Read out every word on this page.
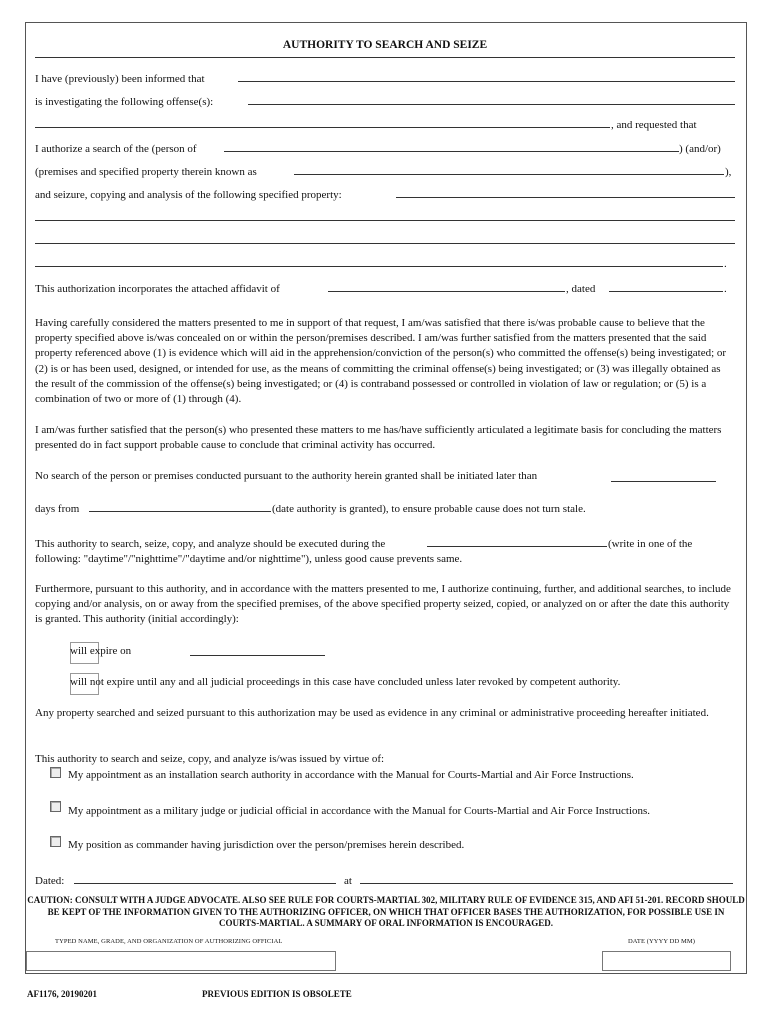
AUTHORITY TO SEARCH AND SEIZE
I have (previously) been informed that
is investigating the following offense(s):
, and requested that
I authorize a search of the (person of	) (and/or)
(premises and specified property therein known as	),
and seizure, copying and analysis of the following specified property:
.
This authorization incorporates the attached affidavit of	, dated	.
Having carefully considered the matters presented to me in support of that request, I am/was satisfied that there is/was probable cause to believe that the property specified above is/was concealed on or within the person/premises described. I am/was further satisfied from the matters presented that the said property referenced above (1) is evidence which will aid in the apprehension/conviction of the person(s) who committed the offense(s) being investigated; or (2) is or has been used, designed, or intended for use, as the means of committing the criminal offense(s) being investigated; or (3) was illegally obtained as the result of the commission of the offense(s) being investigated; or (4) is contraband possessed or controlled in violation of law or regulation; or (5) is a combination of two or more of (1) through (4).
I am/was further satisfied that the person(s) who presented these matters to me has/have sufficiently articulated a legitimate basis for concluding the matters presented do in fact support probable cause to conclude that criminal activity has occurred.
No search of the person or premises conducted pursuant to the authority herein granted shall be initiated later than
days from	(date authority is granted), to ensure probable cause does not turn stale.
This authority to search, seize, copy, and analyze should be executed during the	(write in one of the
following: "daytime"/"nighttime"/"daytime and/or nighttime"), unless good cause prevents same.
Furthermore, pursuant to this authority, and in accordance with the matters presented to me, I authorize continuing, further, and additional searches, to include copying and/or analysis, on or away from the specified premises, of the above specified property seized, copied, or analyzed on or after the date this authority is granted. This authority (initial accordingly):
will expire on
will not expire until any and all judicial proceedings in this case have concluded unless later revoked by competent authority.
Any property searched and seized pursuant to this authorization may be used as evidence in any criminal or administrative proceeding hereafter initiated.
This authority to search and seize, copy, and analyze is/was issued by virtue of:
My appointment as an installation search authority in accordance with the Manual for Courts-Martial and Air Force Instructions.
My appointment as a military judge or judicial official in accordance with the Manual for Courts-Martial and Air Force Instructions.
My position as commander having jurisdiction over the person/premises herein described.
Dated:	at
CAUTION: CONSULT WITH A JUDGE ADVOCATE. ALSO SEE RULE FOR COURTS-MARTIAL 302, MILITARY RULE OF EVIDENCE 315, AND AFI 51-201. RECORD SHOULD BE KEPT OF THE INFORMATION GIVEN TO THE AUTHORIZING OFFICER, ON WHICH THAT OFFICER BASES THE AUTHORIZATION, FOR POSSIBLE USE IN COURTS-MARTIAL. A SUMMARY OF ORAL INFORMATION IS ENCOURAGED.
TYPED NAME, GRADE, AND ORGANIZATION OF AUTHORIZING OFFICIAL	DATE (YYYY DD MM)
AF1176, 20190201	PREVIOUS EDITION IS OBSOLETE
